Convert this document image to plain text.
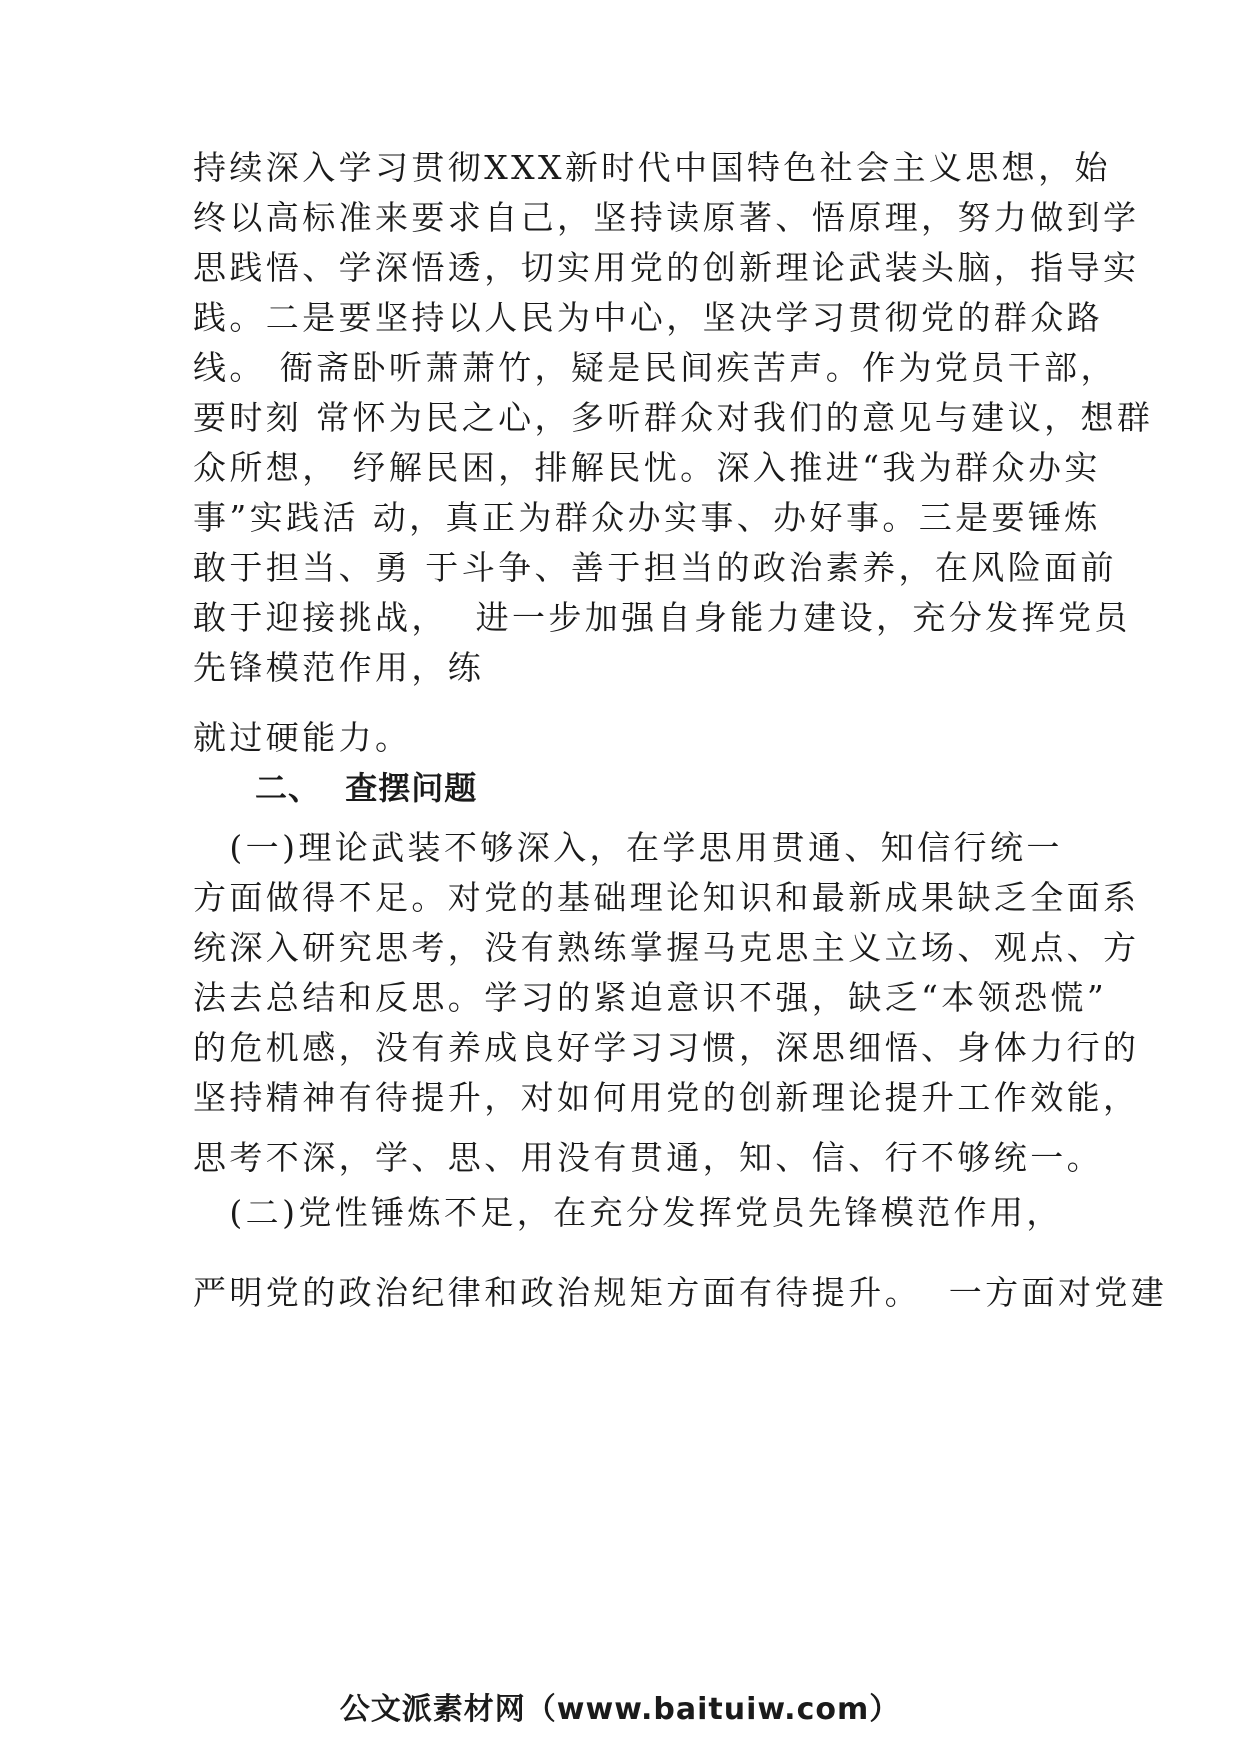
持续深入学习贯彻XXX新时代中国特色社会主义思想，始
终以高标准来要求自己，坚持读原著、悟原理，努力做到学
思践悟、学深悟透，切实用党的创新理论武装头脑，指导实
践。二是要坚持以人民为中心，坚决学习贯彻党的群众路
线。 衙斋卧听萧萧竹，疑是民间疾苦声。作为党员干部，
要时刻 常怀为民之心，多听群众对我们的意见与建议，想群
众所想， 纾解民困，排解民忧。深入推进“我为群众办实
事”实践活 动，真正为群众办实事、办好事。三是要锤炼
敢于担当、勇 于斗争、善于担当的政治素养，在风险面前
敢于迎接挑战，  进一步加强自身能力建设，充分发挥党员
先锋模范作用，练
就过硬能力。
二、  查摆问题
　(一)理论武装不够深入，在学思用贯通、知信行统一
方面做得不足。对党的基础理论知识和最新成果缺乏全面系
统深入研究思考，没有熟练掌握马克思主义立场、观点、方
法去总结和反思。学习的紧迫意识不强，缺乏“本领恐慌”
的危机感，没有养成良好学习习惯，深思细悟、身体力行的
坚持精神有待提升，对如何用党的创新理论提升工作效能，
思考不深，学、思、用没有贯通，知、信、行不够统一。
　(二)党性锤炼不足，在充分发挥党员先锋模范作用，
严明党的政治纪律和政治规矩方面有待提升。  一方面对党建
公文派素材网（www.baituiw.com）
